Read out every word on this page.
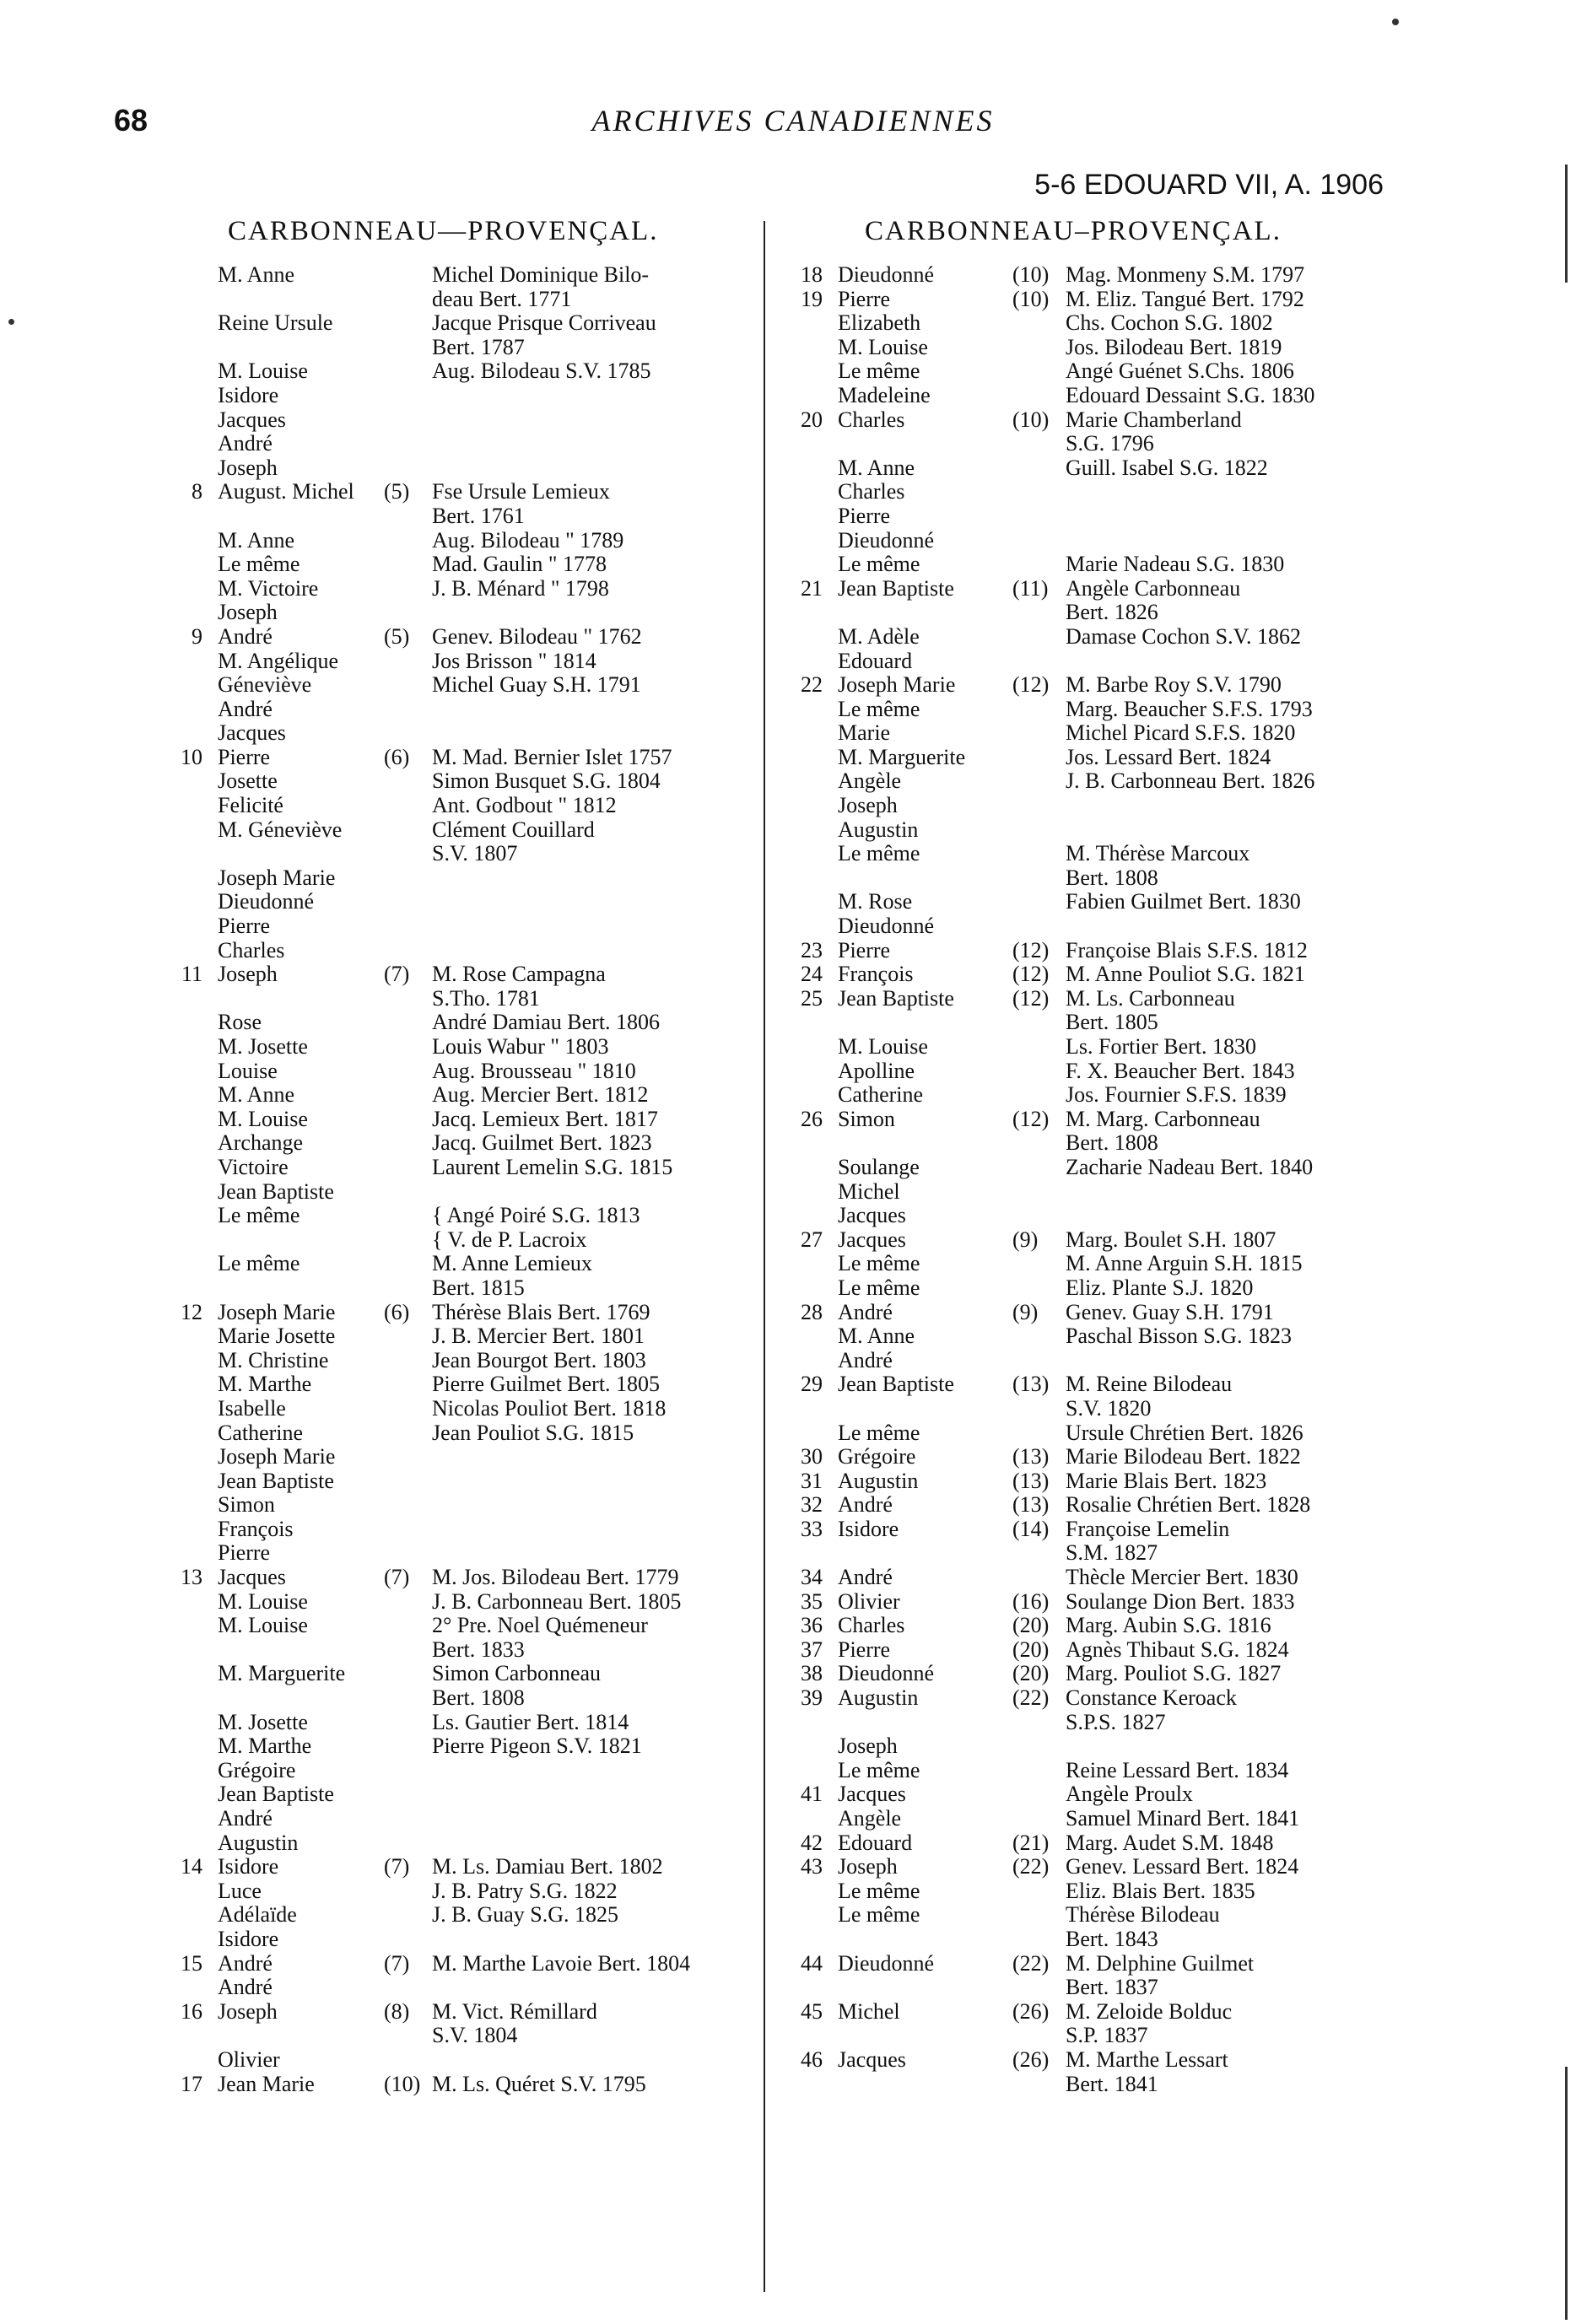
68	ARCHIVES CANADIENNES
5-6 EDOUARD VII, A. 1906
CARBONNEAU—PROVENÇAL.	CARBONNEAU–PROVENÇAL.
M. Anne	Michel Dominique Bilo-
deau Bert. 1771
Reine Ursule	Jacque Prisque Corriveau
Bert. 1787
M. Louise	Aug. Bilodeau S.V. 1785
Isidore
Jacques
André
Joseph
8 August. Michel (5) Fse Ursule Lemieux
Bert. 1761
M. Anne	Aug. Bilodeau " 1789
Le même	Mad. Gaulin " 1778
M. Victoire	J. B. Ménard " 1798
Joseph
9 André	(5) Genev. Bilodeau " 1762
M. Angélique	Jos Brisson " 1814
Géneviève	Michel Guay S.H. 1791
André
Jacques
10 Pierre	(6) M. Mad. Bernier Islet 1757
Josette	Simon Busquet S.G. 1804
Felicité	Ant. Godbout " 1812
M. Géneviève	Clément Couillard
S.V. 1807
Joseph Marie
Dieudonné
Pierre
Charles
11 Joseph	(7) M. Rose Campagna
S.Tho. 1781
Rose	André Damiau Bert. 1806
M. Josette	Louis Wabur " 1803
Louise	Aug. Brousseau " 1810
M. Anne	Aug. Mercier Bert. 1812
M. Louise	Jacq. Lemieux Bert. 1817
Archange	Jacq. Guilmet Bert. 1823
Victoire	Laurent Lemelin S.G. 1815
Jean Baptiste
Le même	{ Angé Poiré S.G. 1813
{ V. de P. Lacroix
Le même	M. Anne Lemieux
Bert. 1815
12 Joseph Marie (6) Thérèse Blais Bert. 1769
Marie Josette	J. B. Mercier Bert. 1801
M. Christine	Jean Bourgot Bert. 1803
M. Marthe	Pierre Guilmet Bert. 1805
Isabelle	Nicolas Pouliot Bert. 1818
Catherine	Jean Pouliot S.G. 1815
Joseph Marie
Jean Baptiste
Simon
François
Pierre
13 Jacques	(7) M. Jos. Bilodeau Bert. 1779
M. Louise	J. B. Carbonneau Bert. 1805
M. Louise	2° Pre. Noel Quémeneur
Bert. 1833
M. Marguerite	Simon Carbonneau
Bert. 1808
M. Josette	Ls. Gautier Bert. 1814
M. Marthe	Pierre Pigeon S.V. 1821
Grégoire
Jean Baptiste
André
Augustin
14 Isidore	(7) M. Ls. Damiau Bert. 1802
Luce	J. B. Patry S.G. 1822
Adélaïde	J. B. Guay S.G. 1825
Isidore
15 André	(7) M. Marthe Lavoie Bert. 1804
André
16 Joseph	(8) M. Vict. Rémillard
S.V. 1804
Olivier
17 Jean Marie	(10) M. Ls. Quéret S.V. 1795
18 Dieudonné	(10) Mag. Monmeny S.M. 1797
19 Pierre	(10) M. Eliz. Tangué Bert. 1792
Elizabeth	Chs. Cochon S.G. 1802
M. Louise	Jos. Bilodeau Bert. 1819
Le même	Angé Guénet S.Chs. 1806
Madeleine	Edouard Dessaint S.G. 1830
20 Charles	(10) Marie Chamberland
S.G. 1796
M. Anne	Guill. Isabel S.G. 1822
Charles
Pierre
Dieudonné
Le même	Marie Nadeau S.G. 1830
21 Jean Baptiste	(11) Angèle Carbonneau
Bert. 1826
M. Adèle	Damase Cochon S.V. 1862
Edouard
22 Joseph Marie	(12) M. Barbe Roy S.V. 1790
Le même	Marg. Beaucher S.F.S. 1793
Marie	Michel Picard S.F.S. 1820
M. Marguerite	Jos. Lessard Bert. 1824
Angèle	J. B. Carbonneau Bert. 1826
Joseph
Augustin
Le même	M. Thérèse Marcoux
Bert. 1808
M. Rose	Fabien Guilmet Bert. 1830
Dieudonné
23 Pierre	(12) Françoise Blais S.F.S. 1812
24 François	(12) M. Anne Pouliot S.G. 1821
25 Jean Baptiste	(12) M. Ls. Carbonneau
Bert. 1805
M. Louise	Ls. Fortier Bert. 1830
Apolline	F. X. Beaucher Bert. 1843
Catherine	Jos. Fournier S.F.S. 1839
26 Simon	(12) M. Marg. Carbonneau
Bert. 1808
Soulange	Zacharie Nadeau Bert. 1840
Michel
Jacques
27 Jacques	(9) Marg. Boulet S.H. 1807
Le même	M. Anne Arguin S.H. 1815
Le même	Eliz. Plante S.J. 1820
28 André	(9) Genev. Guay S.H. 1791
M. Anne	Paschal Bisson S.G. 1823
André
29 Jean Baptiste	(13) M. Reine Bilodeau
S.V. 1820
Le même	Ursule Chrétien Bert. 1826
30 Grégoire	(13) Marie Bilodeau Bert. 1822
31 Augustin	(13) Marie Blais Bert. 1823
32 André	(13) Rosalie Chrétien Bert. 1828
33 Isidore	(14) Françoise Lemelin
S.M. 1827
34 André	Thècle Mercier Bert. 1830
35 Olivier	(16) Soulange Dion Bert. 1833
36 Charles	(20) Marg. Aubin S.G. 1816
37 Pierre	(20) Agnès Thibaut S.G. 1824
38 Dieudonné	(20) Marg. Pouliot S.G. 1827
39 Augustin	(22) Constance Keroack
S.P.S. 1827
Joseph
Le même	Reine Lessard Bert. 1834
41 Jacques	Angèle Proulx
Angèle	Samuel Minard Bert. 1841
42 Edouard	(21) Marg. Audet S.M. 1848
43 Joseph	(22) Genev. Lessard Bert. 1824
Le même	Eliz. Blais Bert. 1835
Le même	Thérèse Bilodeau
Bert. 1843
44 Dieudonné	(22) M. Delphine Guilmet
Bert. 1837
45 Michel	(26) M. Zeloide Bolduc
S.P. 1837
46 Jacques	(26) M. Marthe Lessart
Bert. 1841
